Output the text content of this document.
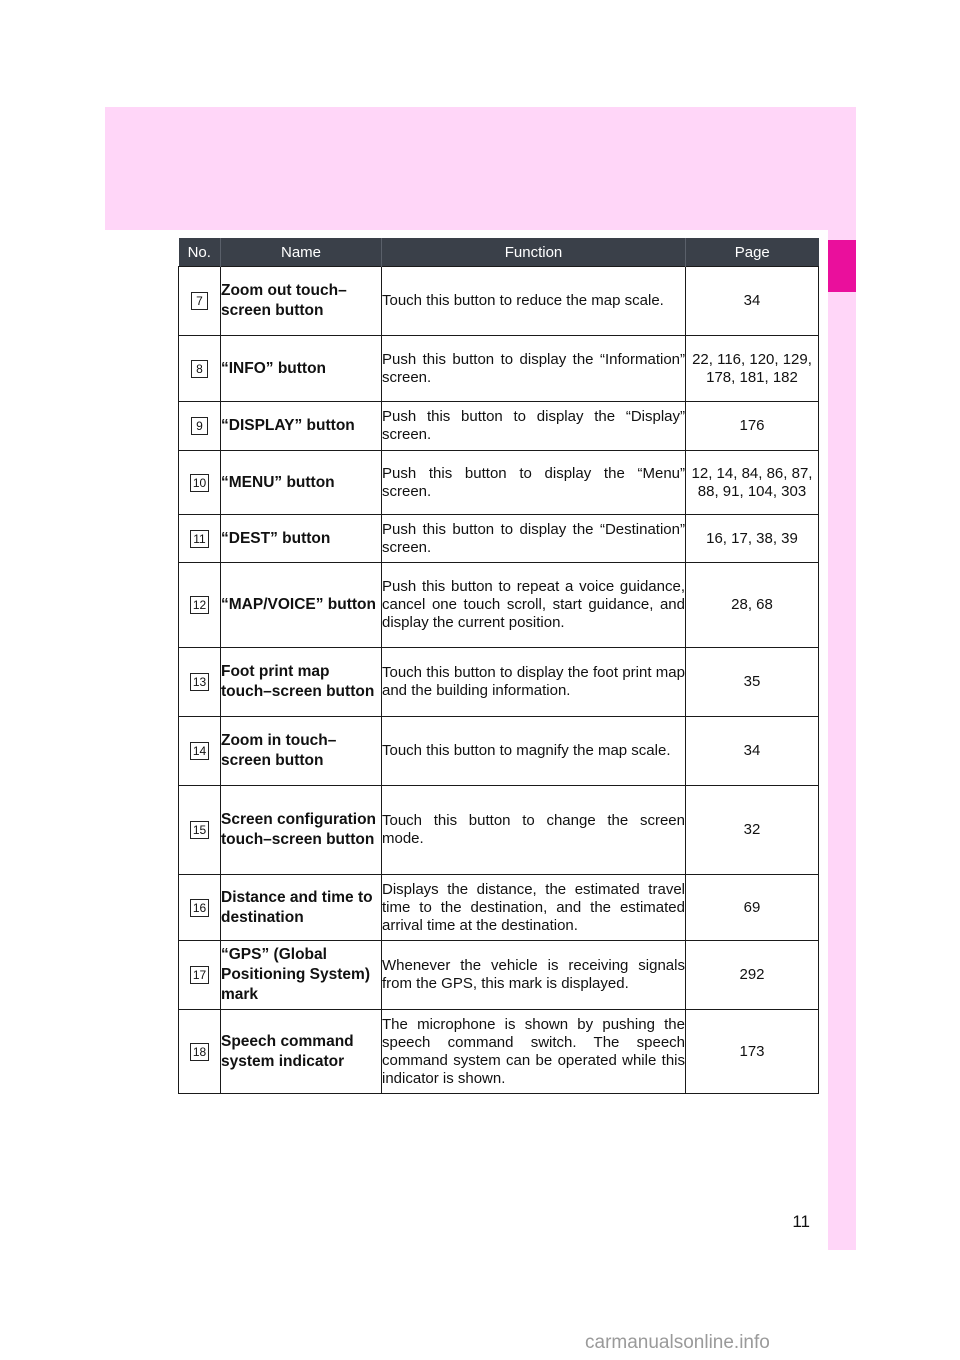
No.	Name	Function	Page
7	Zoom out touch–screen button	Touch this button to reduce the map scale.	34
8	“INFO” button	Push this button to display the “Information” screen.	22, 116, 120, 129, 178, 181, 182
9	“DISPLAY” button	Push this button to display the “Display” screen.	176
10	“MENU” button	Push this button to display the “Menu” screen.	12, 14, 84, 86, 87, 88, 91, 104, 303
11	“DEST” button	Push this button to display the “Destination” screen.	16, 17, 38, 39
12	“MAP/VOICE” button	Push this button to repeat a voice guidance, cancel one touch scroll, start guidance, and display the current position.	28, 68
13	Foot print map touch–screen button	Touch this button to display the foot print map and the building information.	35
14	Zoom in touch–screen button	Touch this button to magnify the map scale.	34
15	Screen configuration touch–screen button	Touch this button to change the screen mode.	32
16	Distance and time to destination	Displays the distance, the estimated travel time to the destination, and the estimated arrival time at the destination.	69
17	“GPS” (Global Positioning System) mark	Whenever the vehicle is receiving signals from the GPS, this mark is displayed.	292
18	Speech command system indicator	The microphone is shown by pushing the speech command switch. The speech command system can be operated while this indicator is shown.	173
11
carmanualsonline.info
